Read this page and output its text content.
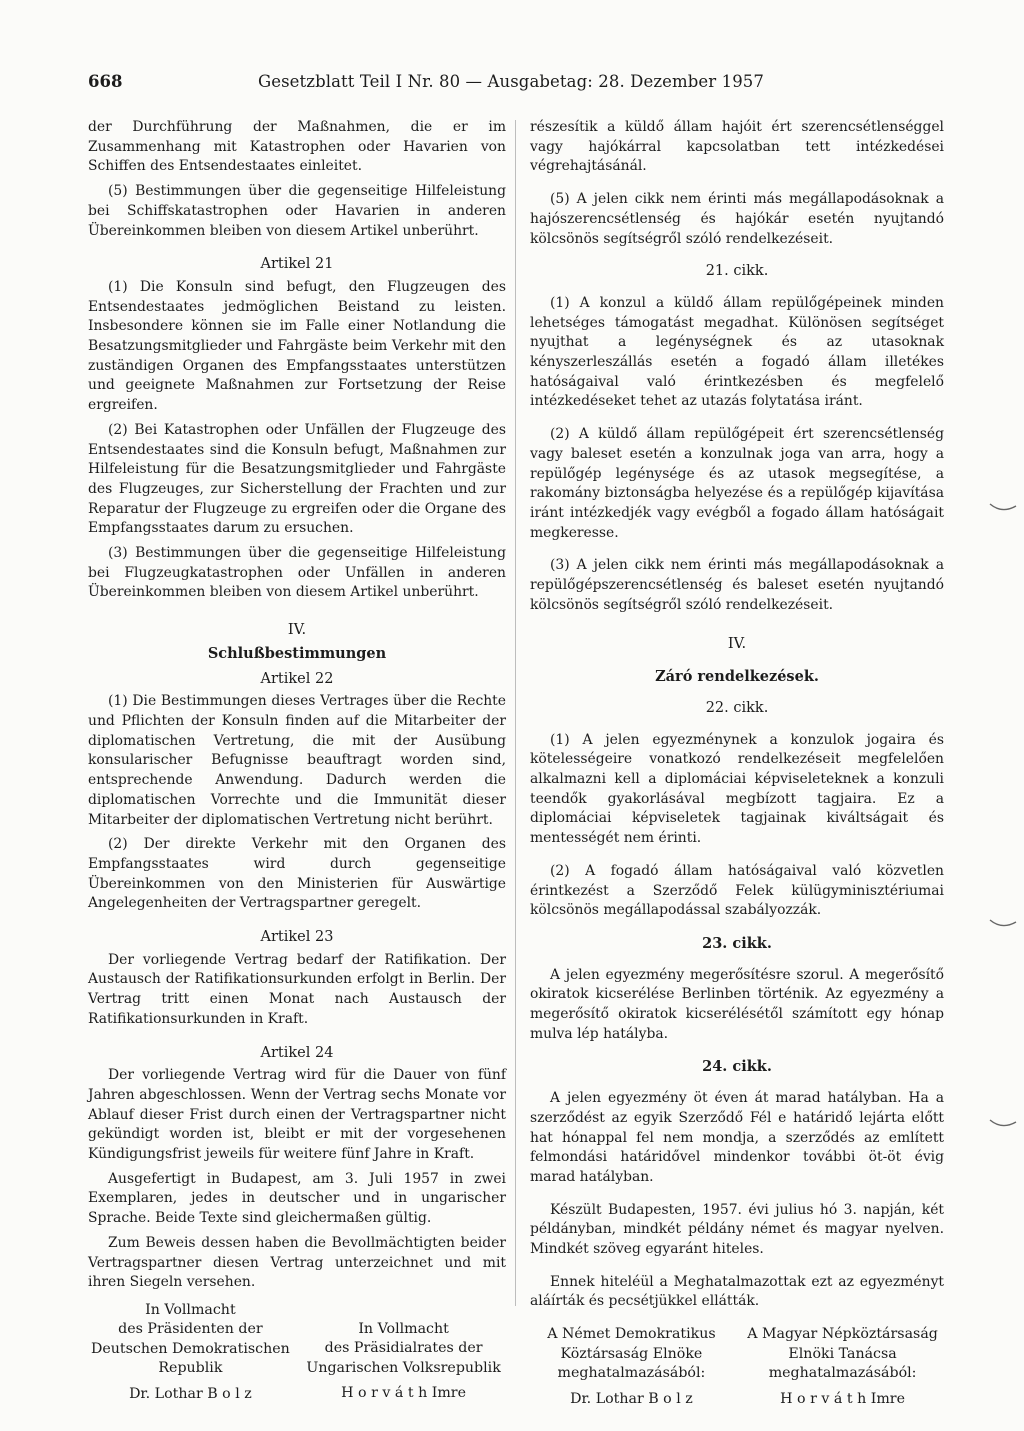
668	Gesetzblatt Teil I Nr. 80 — Ausgabetag: 28. Dezember 1957

der Durchführung der Maßnahmen, die er im Zusammenhang mit Katastrophen oder Havarien von Schiffen des Entsendestaates einleitet.

(5) Bestimmungen über die gegenseitige Hilfeleistung bei Schiffskatastrophen oder Havarien in anderen Übereinkommen bleiben von diesem Artikel unberührt.

Artikel 21

(1) Die Konsuln sind befugt, den Flugzeugen des Entsendestaates jedmöglichen Beistand zu leisten. Insbesondere können sie im Falle einer Notlandung die Besatzungsmitglieder und Fahrgäste beim Verkehr mit den zuständigen Organen des Empfangsstaates unterstützen und geeignete Maßnahmen zur Fortsetzung der Reise ergreifen.

(2) Bei Katastrophen oder Unfällen der Flugzeuge des Entsendestaates sind die Konsuln befugt, Maßnahmen zur Hilfeleistung für die Besatzungsmitglieder und Fahrgäste des Flugzeuges, zur Sicherstellung der Frachten und zur Reparatur der Flugzeuge zu ergreifen oder die Organe des Empfangsstaates darum zu ersuchen.

(3) Bestimmungen über die gegenseitige Hilfeleistung bei Flugzeugkatastrophen oder Unfällen in anderen Übereinkommen bleiben von diesem Artikel unberührt.

IV.
Schlußbestimmungen
Artikel 22

(1) Die Bestimmungen dieses Vertrages über die Rechte und Pflichten der Konsuln finden auf die Mitarbeiter der diplomatischen Vertretung, die mit der Ausübung konsularischer Befugnisse beauftragt worden sind, entsprechende Anwendung. Dadurch werden die diplomatischen Vorrechte und die Immunität dieser Mitarbeiter der diplomatischen Vertretung nicht berührt.

(2) Der direkte Verkehr mit den Organen des Empfangsstaates wird durch gegenseitige Übereinkommen von den Ministerien für Auswärtige Angelegenheiten der Vertragspartner geregelt.

Artikel 23

Der vorliegende Vertrag bedarf der Ratifikation. Der Austausch der Ratifikationsurkunden erfolgt in Berlin. Der Vertrag tritt einen Monat nach Austausch der Ratifikationsurkunden in Kraft.

Artikel 24

Der vorliegende Vertrag wird für die Dauer von fünf Jahren abgeschlossen. Wenn der Vertrag sechs Monate vor Ablauf dieser Frist durch einen der Vertragspartner nicht gekündigt worden ist, bleibt er mit der vorgesehenen Kündigungsfrist jeweils für weitere fünf Jahre in Kraft.

Ausgefertigt in Budapest, am 3. Juli 1957 in zwei Exemplaren, jedes in deutscher und in ungarischer Sprache. Beide Texte sind gleichermaßen gültig.

Zum Beweis dessen haben die Bevollmächtigten beider Vertragspartner diesen Vertrag unterzeichnet und mit ihren Siegeln versehen.

In Vollmacht
des Präsidenten der
Deutschen Demokratischen
Republik
Dr. Lothar B o l z
In Vollmacht
des Präsidialrates der
Ungarischen Volksrepublik
H o r v á t h Imre

részesítik a küldő állam hajóit ért szerencsétlenséggel vagy hajókárral kapcsolatban tett intézkedései végrehajtásánál.

(5) A jelen cikk nem érinti más megállapodásoknak a hajószerencsétlenség és hajókár esetén nyujtandó kölcsönös segítségről szóló rendelkezéseit.

21. cikk.

(1) A konzul a küldő állam repülőgépeinek minden lehetséges támogatást megadhat. Különösen segítséget nyujthat a legénységnek és az utasoknak kényszerleszállás esetén a fogadó állam illetékes hatóságaival való érintkezésben és megfelelő intézkedéseket tehet az utazás folytatása iránt.

(2) A küldő állam repülőgépeit ért szerencsétlenség vagy baleset esetén a konzulnak joga van arra, hogy a repülőgép legénysége és az utasok megsegítése, a rakomány biztonságba helyezése és a repülőgép kijavítása iránt intézkedjék vagy evégből a fogado állam hatóságait megkeresse.

(3) A jelen cikk nem érinti más megállapodásoknak a repülőgépszerencsétlenség és baleset esetén nyujtandó kölcsönös segítségről szóló rendelkezéseit.

IV.
Záró rendelkezések.
22. cikk.

(1) A jelen egyezménynek a konzulok jogaira és kötelességeire vonatkozó rendelkezéseit megfelelően alkalmazni kell a diplomáciai képviseleteknek a konzuli teendők gyakorlásával megbízott tagjaira. Ez a diplomáciai képviseletek tagjainak kiváltságait és mentességét nem érinti.

(2) A fogadó állam hatóságaival való közvetlen érintkezést a Szerződő Felek külügyminisztériumai kölcsönös megállapodással szabályozzák.

23. cikk.

A jelen egyezmény megerősítésre szorul. A megerősítő okiratok kicserélése Berlinben történik. Az egyezmény a megerősítő okiratok kicserélésétől számított egy hónap mulva lép hatályba.

24. cikk.

A jelen egyezmény öt éven át marad hatályban. Ha a szerződést az egyik Szerződő Fél e határidő lejárta előtt hat hónappal fel nem mondja, a szerződés az említett felmondási határidővel mindenkor további öt-öt évig marad hatályban.

Készült Budapesten, 1957. évi julius hó 3. napján, két példányban, mindkét példány német és magyar nyelven. Mindkét szöveg egyaránt hiteles.

Ennek hiteléül a Meghatalmazottak ezt az egyezményt aláírták és pecsétjükkel ellátták.

A Német Demokratikus
Köztársaság Elnöke
meghatalmazásából:
Dr. Lothar B o l z
A Magyar Népköztársaság
Elnöki Tanácsa
meghatalmazásából:
H o r v á t h Imre
